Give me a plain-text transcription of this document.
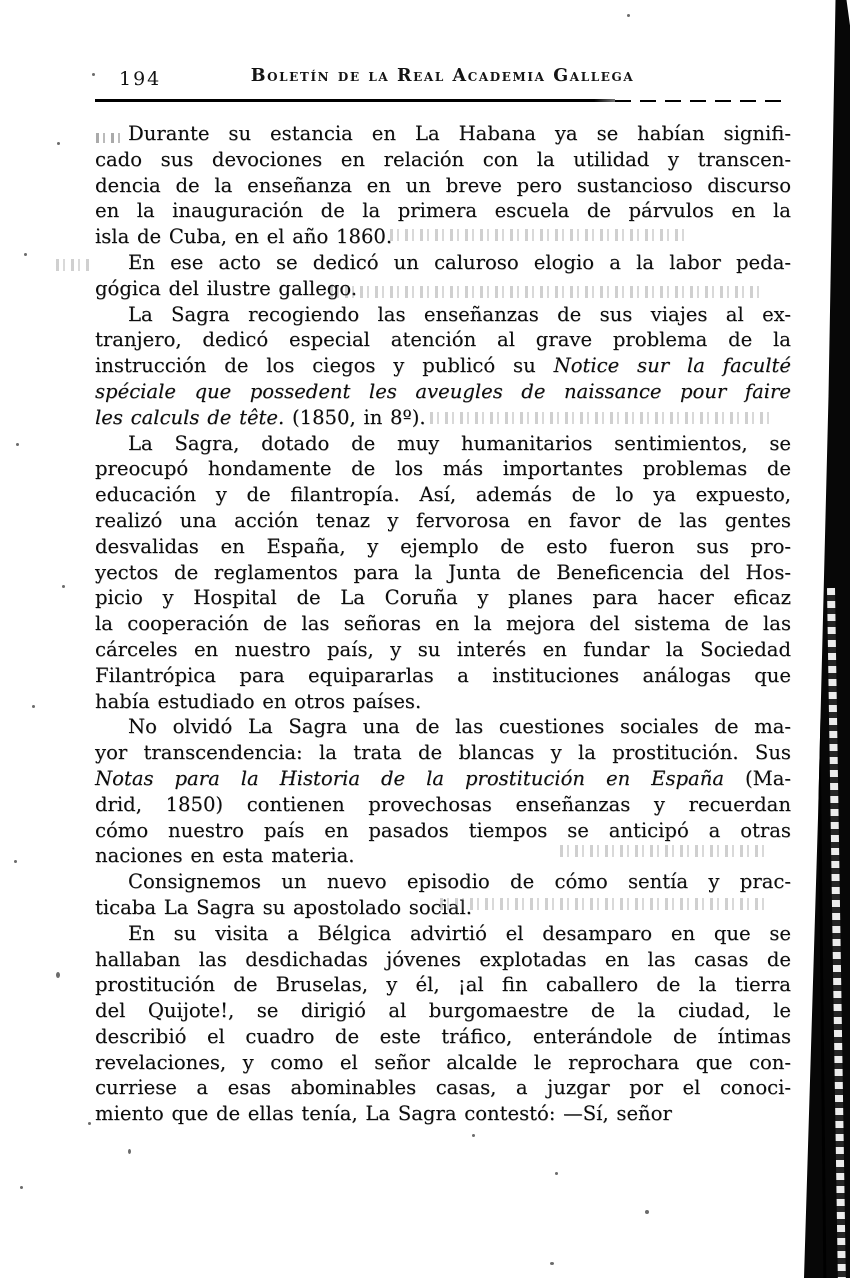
194	Boletín de la Real Academia Gallega
Durante su estancia en La Habana ya se habían signifi-
cado sus devociones en relación con la utilidad y transcen-
dencia de la enseñanza en un breve pero sustancioso discurso
en la inauguración de la primera escuela de párvulos en la
isla de Cuba, en el año 1860.
En ese acto se dedicó un caluroso elogio a la labor peda-
gógica del ilustre gallego.
La Sagra recogiendo las enseñanzas de sus viajes al ex-
tranjero, dedicó especial atención al grave problema de la
instrucción de los ciegos y publicó su Notice sur la faculté
spéciale que possedent les aveugles de naissance pour faire
les calculs de tête. (1850, in 8º).
La Sagra, dotado de muy humanitarios sentimientos, se
preocupó hondamente de los más importantes problemas de
educación y de filantropía. Así, además de lo ya expuesto,
realizó una acción tenaz y fervorosa en favor de las gentes
desvalidas en España, y ejemplo de esto fueron sus pro-
yectos de reglamentos para la Junta de Beneficencia del Hos-
picio y Hospital de La Coruña y planes para hacer eficaz
la cooperación de las señoras en la mejora del sistema de las
cárceles en nuestro país, y su interés en fundar la Sociedad
Filantrópica para equipararlas a instituciones análogas que
había estudiado en otros países.
No olvidó La Sagra una de las cuestiones sociales de ma-
yor transcendencia: la trata de blancas y la prostitución. Sus
Notas para la Historia de la prostitución en España (Ma-
drid, 1850) contienen provechosas enseñanzas y recuerdan
cómo nuestro país en pasados tiempos se anticipó a otras
naciones en esta materia.
Consignemos un nuevo episodio de cómo sentía y prac-
ticaba La Sagra su apostolado social.
En su visita a Bélgica advirtió el desamparo en que se
hallaban las desdichadas jóvenes explotadas en las casas de
prostitución de Bruselas, y él, ¡al fin caballero de la tierra
del Quijote!, se dirigió al burgomaestre de la ciudad, le
describió el cuadro de este tráfico, enterándole de íntimas
revelaciones, y como el señor alcalde le reprochara que con-
curriese a esas abominables casas, a juzgar por el conoci-
miento que de ellas tenía, La Sagra contestó: —Sí, señor
